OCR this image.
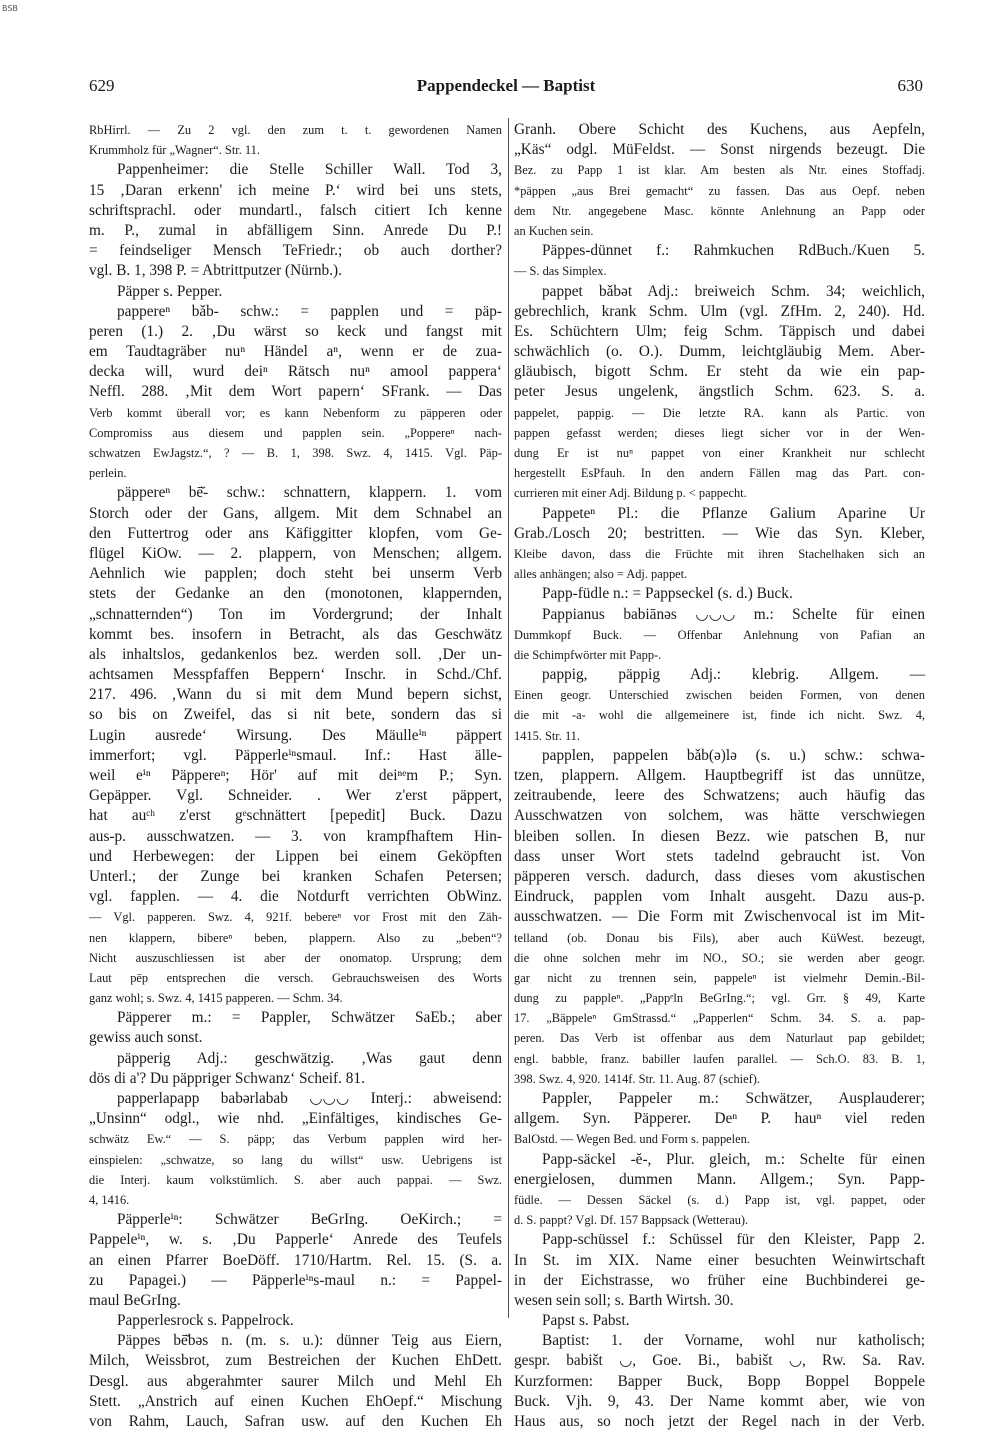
BSB
629	Pappendeckel — Baptist	630
RbHirrl. — Zu 2 vgl. den zum t. t. gewordenen Namen
Krummholz für „Wagner“. Str. 11.
Pappenheimer: die Stelle Schiller Wall. Tod 3,
15 ‚Daran erkenn' ich meine P.‘ wird bei uns stets,
schriftsprachl. oder mundartl., falsch citiert Ich kenne
m. P., zumal in abfälligem Sinn. Anrede Du P.!
= feindseliger Mensch TeFriedr.; ob auch dorther?
vgl. B. 1, 398 P. = Abtrittputzer (Nürnb.).
Päpper s. Pepper.
pappereⁿ bǎb- schw.: = papplen und = päp-
peren (1.) 2. ‚Du wärst so keck und fangst mit
em Taudtagräber nuⁿ Händel aⁿ, wenn er de zua-
decka will, wurd deiⁿ Rätsch nuⁿ amool pappera‘
Neffl. 288. ‚Mit dem Wort papern‘ SFrank. — Das
Verb kommt überall vor; es kann Nebenform zu päpperen oder
Compromiss aus diesem und papplen sein. „Poppereⁿ nach-
schwatzen EwJagstz.“, ? — B. 1, 398. Swz. 4, 1415. Vgl. Päp-
perlein.
päppereⁿ bē̆- schw.: schnattern, klappern. 1. vom
Storch oder der Gans, allgem. Mit dem Schnabel an
den Futtertrog oder ans Käfiggitter klopfen, vom Ge-
flügel KiOw. — 2. plappern, von Menschen; allgem.
Aehnlich wie papplen; doch steht bei unserm Verb
stets der Gedanke an den (monotonen, klappernden,
„schnatternden“) Ton im Vordergrund; der Inhalt
kommt bes. insofern in Betracht, als das Geschwätz
als inhaltslos, gedankenlos bez. werden soll. ‚Der un-
achtsamen Messpfaffen Beppern‘ Inschr. in Schd./Chf.
217. 496. ‚Wann du si mit dem Mund bepern sichst,
so bis on Zweifel, das si nit bete, sondern das si
Lugin ausrede‘ Wirsung. Des Mäulleⁱⁿ päppert
immerfort; vgl. Päpperleⁱⁿsmaul. Inf.: Hast älle-
weil eⁱⁿ Päppereⁿ; Hör' auf mit deiⁿᵉm P.; Syn.
Gepäpper. Vgl. Schneider. . Wer z'erst päppert,
hat auᶜʰ z'erst gᵉschnättert [pepedit] Buck. Dazu
aus-p. ausschwatzen. — 3. von krampfhaftem Hin-
und Herbewegen: der Lippen bei einem Geköpften
Unterl.; der Zunge bei kranken Schafen Petersen;
vgl. fapplen. — 4. die Notdurft verrichten ObWinz.
— Vgl. papperen. Swz. 4, 921f. bebereⁿ vor Frost mit den Zäh-
nen klappern, bibereⁿ beben, plappern. Also zu „beben“?
Nicht auszuschliessen ist aber der onomatop. Ursprung; dem
Laut pēp entsprechen die versch. Gebrauchsweisen des Worts
ganz wohl; s. Swz. 4, 1415 papperen. — Schm. 34.
Päpperer m.: = Pappler, Schwätzer SaEb.; aber
gewiss auch sonst.
päpperig Adj.: geschwätzig. ‚Was gaut denn
dös di a'? Du päppriger Schwanz‘ Scheif. 81.
papperlapapp babərlabab ◡◡◡ Interj.: abweisend:
„Unsinn“ odgl., wie nhd. „Einfältiges, kindisches Ge-
schwätz Ew.“ — S. päpp; das Verbum papplen wird her-
einspielen: „schwatze, so lang du willst“ usw. Uebrigens ist
die Interj. kaum volkstümlich. S. aber auch pappai. — Swz.
4, 1416.
Päpperleⁱⁿ: Schwätzer BeGrIng. OeKirch.; =
Pappeleⁱⁿ, w. s. ‚Du Papperle‘ Anrede des Teufels
an einen Pfarrer BoeDöff. 1710/Hartm. Rel. 15. (S. a.
zu Papagei.) — Päpperleⁱⁿs-maul n.: = Pappel-
maul BeGrIng.
Papperlesrock s. Pappelrock.
Päppes bē̆bəs n. (m. s. u.): dünner Teig aus Eiern,
Milch, Weissbrot, zum Bestreichen der Kuchen EhDett.
Desgl. aus abgerahmter saurer Milch und Mehl Eh
Stett. „Anstrich auf einen Kuchen EhOepf.“ Mischung
von Rahm, Lauch, Safran usw. auf den Kuchen Eh
Granh. Obere Schicht des Kuchens, aus Aepfeln,
„Käs“ odgl. MüFeldst. — Sonst nirgends bezeugt. Die
Bez. zu Papp 1 ist klar. Am besten als Ntr. eines Stoffadj.
*päppen „aus Brei gemacht“ zu fassen. Das aus Oepf. neben
dem Ntr. angegebene Masc. könnte Anlehnung an Papp oder
an Kuchen sein.
Päppes-dünnet f.: Rahmkuchen RdBuch./Kuen 5.
— S. das Simplex.
pappet bǎbət Adj.: breiweich Schm. 34; weichlich,
gebrechlich, krank Schm. Ulm (vgl. ZfHm. 2, 240). Hd.
Es. Schüchtern Ulm; feig Schm. Täppisch und dabei
schwächlich (o. O.). Dumm, leichtgläubig Mem. Aber-
gläubisch, bigott Schm. Er steht da wie ein pap-
peter Jesus ungelenk, ängstlich Schm. 623. S. a.
pappelet, pappig. — Die letzte RA. kann als Partic. von
pappen gefasst werden; dieses liegt sicher vor in der Wen-
dung Er ist nuⁿ pappet von einer Krankheit nur schlecht
hergestellt EsPfauh. In den andern Fällen mag das Part. con-
currieren mit einer Adj. Bildung p. < pappecht.
Pappeteⁿ Pl.: die Pflanze Galium Aparine Ur
Grab./Losch 20; bestritten. — Wie das Syn. Kleber,
Kleibe davon, dass die Früchte mit ihren Stachelhaken sich an
alles anhängen; also = Adj. pappet.
Papp-füdle n.: = Pappseckel (s. d.) Buck.
Pappianus babiānəs ◡◡◡ m.: Schelte für einen
Dummkopf Buck. — Offenbar Anlehnung von Pafian an
die Schimpfwörter mit Papp-.
pappig, päppig Adj.: klebrig. Allgem. —
Einen geogr. Unterschied zwischen beiden Formen, von denen
die mit -a- wohl die allgemeinere ist, finde ich nicht. Swz. 4,
1415. Str. 11.
papplen, pappelen bǎb(ə)lə (s. u.) schw.: schwa-
tzen, plappern. Allgem. Hauptbegriff ist das unnütze,
zeitraubende, leere des Schwatzens; auch häufig das
Ausschwatzen von solchem, was hätte verschwiegen
bleiben sollen. In diesen Bezz. wie patschen B, nur
dass unser Wort stets tadelnd gebraucht ist. Von
päpperen versch. dadurch, dass dieses vom akustischen
Eindruck, papplen vom Inhalt ausgeht. Dazu aus-p.
ausschwatzen. — Die Form mit Zwischenvocal ist im Mit-
telland (ob. Donau bis Fils), aber auch KüWest. bezeugt,
die ohne solchen mehr im NO., SO.; sie werden aber geogr.
gar nicht zu trennen sein, pappeleⁿ ist vielmehr Demin.-Bil-
dung zu pappleⁿ. „Pappᵉln BeGrIng.“; vgl. Grr. § 49, Karte
17. „Bäppeleⁿ GmStrassd.“ „Papperlen“ Schm. 34. S. a. pap-
peren. Das Verb ist offenbar aus dem Naturlaut pap gebildet;
engl. babble, franz. babiller laufen parallel. — Sch.O. 83. B. 1,
398. Swz. 4, 920. 1414f. Str. 11. Aug. 87 (schief).
Pappler, Pappeler m.: Schwätzer, Ausplauderer;
allgem. Syn. Päpperer. Deⁿ P. hauⁿ viel reden
BalOstd. — Wegen Bed. und Form s. pappelen.
Papp-säckel -ĕ-, Plur. gleich, m.: Schelte für einen
energielosen, dummen Mann. Allgem.; Syn. Papp-
füdle. — Dessen Säckel (s. d.) Papp ist, vgl. pappet, oder
d. S. pappt? Vgl. Df. 157 Bappsack (Wetterau).
Papp-schüssel f.: Schüssel für den Kleister, Papp 2.
In St. im XIX. Name einer besuchten Weinwirtschaft
in der Eichstrasse, wo früher eine Buchbinderei ge-
wesen sein soll; s. Barth Wirtsh. 30.
Papst s. Pabst.
Baptist: 1. der Vorname, wohl nur katholisch;
gespr. babišt ◡, Goe. Bi., babišt ◡, Rw. Sa. Rav.
Kurzformen: Bapper Buck, Bopp Boppel Boppele
Buck. Vjh. 9, 43. Der Name kommt aber, wie von
Haus aus, so noch jetzt der Regel nach in der Verb.
